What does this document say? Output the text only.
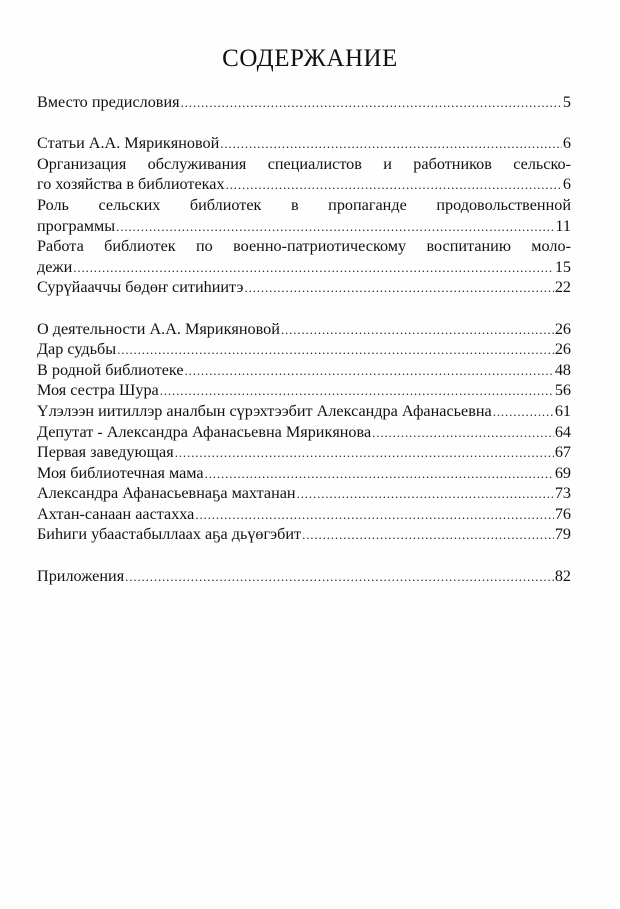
СОДЕРЖАНИЕ
Вместо предисловия . . .	5
Статьи А.А. Мярикяновой . . .	6
Организация обслуживания специалистов и работников сельско-
го хозяйства в библиотеках . . .	6
Роль сельских библиотек в пропаганде продовольственной
программы . . .	11
Работа библиотек по военно-патриотическому воспитанию моло-
дежи . . .	15
Сурүйааччы бөдөҥ ситиһиитэ . . .	22
О деятельности А.А. Мярикяновой . . .	26
Дар судьбы . . .	26
В родной библиотеке . . .	48
Моя сестра Шура . . .	56
Үлэлээн иитиллэр аналбын сүрэхтээбит Александра Афанасьевна . . .	61
Депутат - Александра Афанасьевна Мярикянова . . .	64
Первая заведующая . . .	67
Моя библиотечная мама . . .	69
Александра Афанасьевнаҕа махтанан . . .	73
Ахтан-санаан аастахха . . .	76
Биһиги убаастабыллаах аҕа дьүөгэбит . . .	79
Приложения . . .	82
